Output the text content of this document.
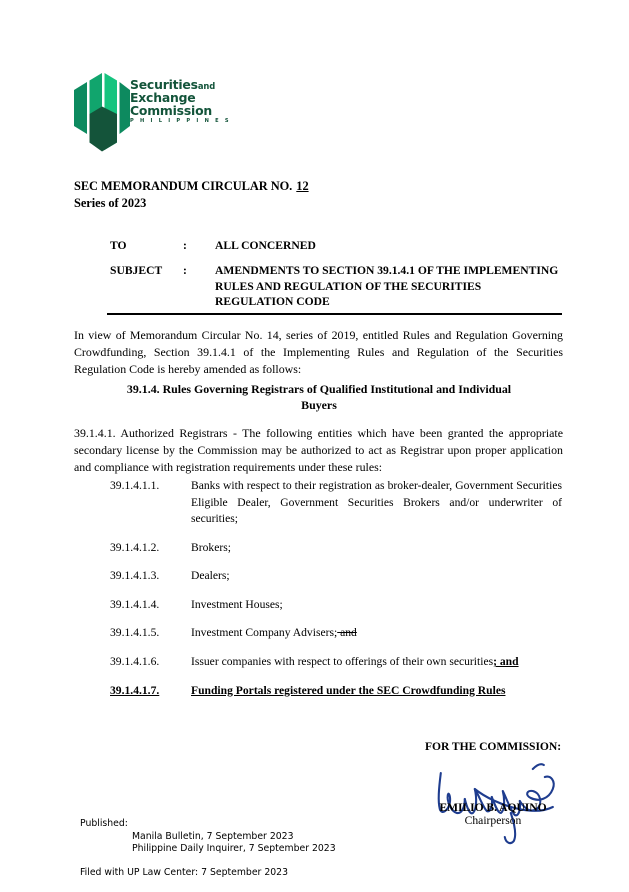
Securitiesand
Exchange
Commission
P H I L I P P I N E S
SEC MEMORANDUM CIRCULAR NO. 12
Series of 2023
TO	:	ALL CONCERNED
SUBJECT	:	AMENDMENTS TO SECTION 39.1.4.1 OF THE IMPLEMENTING RULES AND REGULATION OF THE SECURITIES REGULATION CODE
In view of Memorandum Circular No. 14, series of 2019, entitled Rules and Regulation Governing Crowdfunding, Section 39.1.4.1 of the Implementing Rules and Regulation of the Securities Regulation Code is hereby amended as follows:
39.1.4. Rules Governing Registrars of Qualified Institutional and Individual Buyers
39.1.4.1. Authorized Registrars - The following entities which have been granted the appropriate secondary license by the Commission may be authorized to act as Registrar upon proper application and compliance with registration requirements under these rules:
39.1.4.1.1.	Banks with respect to their registration as broker-dealer, Government Securities Eligible Dealer, Government Securities Brokers and/or underwriter of securities;
39.1.4.1.2.	Brokers;
39.1.4.1.3.	Dealers;
39.1.4.1.4.	Investment Houses;
39.1.4.1.5.	Investment Company Advisers; and
39.1.4.1.6.	Issuer companies with respect to offerings of their own securities; and
39.1.4.1.7.	Funding Portals registered under the SEC Crowdfunding Rules
FOR THE COMMISSION:
EMILIO B. AQUINO
Chairperson
Published:
Manila Bulletin, 7 September 2023
Philippine Daily Inquirer, 7 September 2023
Filed with UP Law Center: 7 September 2023
